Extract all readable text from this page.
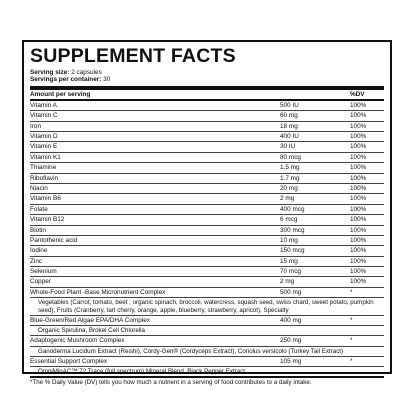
SUPPLEMENT FACTS
Serving size: 2 capsules
Servings per container: 30
Amount per serving	%DV
Vitamin A	500 IU	100%
Vitamin C	60 mg	100%
Iron	18 mg	100%
Vitamin D	400 IU	100%
Vitamin E	30 IU	100%
Vitamin K1	80 mcg	100%
Thiamine	1.5 mg	100%
Riboflavin	1.7 mg	100%
Niacin	20 mg	100%
Vitamin B6	2 mg	100%
Folate	400 mcg	100%
Vitamin B12	6 mcg	100%
Biotin	300 mcg	100%
Pantothenic acid	10 mg	100%
Iodine	150 mcg	100%
Zinc	15 mg	100%
Selenium	70 mcg	100%
Copper	2 mg	100%
Whole-Food Plant -Base Micronutrient Complex	500 mg	*
Vegetables (Carrot, tomato, beet , organic spinach, broccoli, watercress, squash seed, swiss chard, sweet potato, pumpkin seed), Fruits (Cranberry, tart cherry, orange, apple, blueberry, strawberry, apricot), Specialty
Blue-Green/Red Algae EPA/DHA Complex	400 mg	*
Organic Spirulina, Brokel Cell Chlorella
Adaptogenic Mushroom Complex	250 mg	*
Ganoderma Lucidum Extract (Reishi), Cordy-Gen® (Cordyceps Extract), Coriolus versicolo (Turkey Tail Extract)
Essential Support Complex	105 mg	*
OmniMinAC™ 72 Trace (full spectrum) Mineral Blend, Black Pepper Extract
*The % Daily Value (DV) tells you how much a nutrient in a serving of food contributes to a daily intake.
